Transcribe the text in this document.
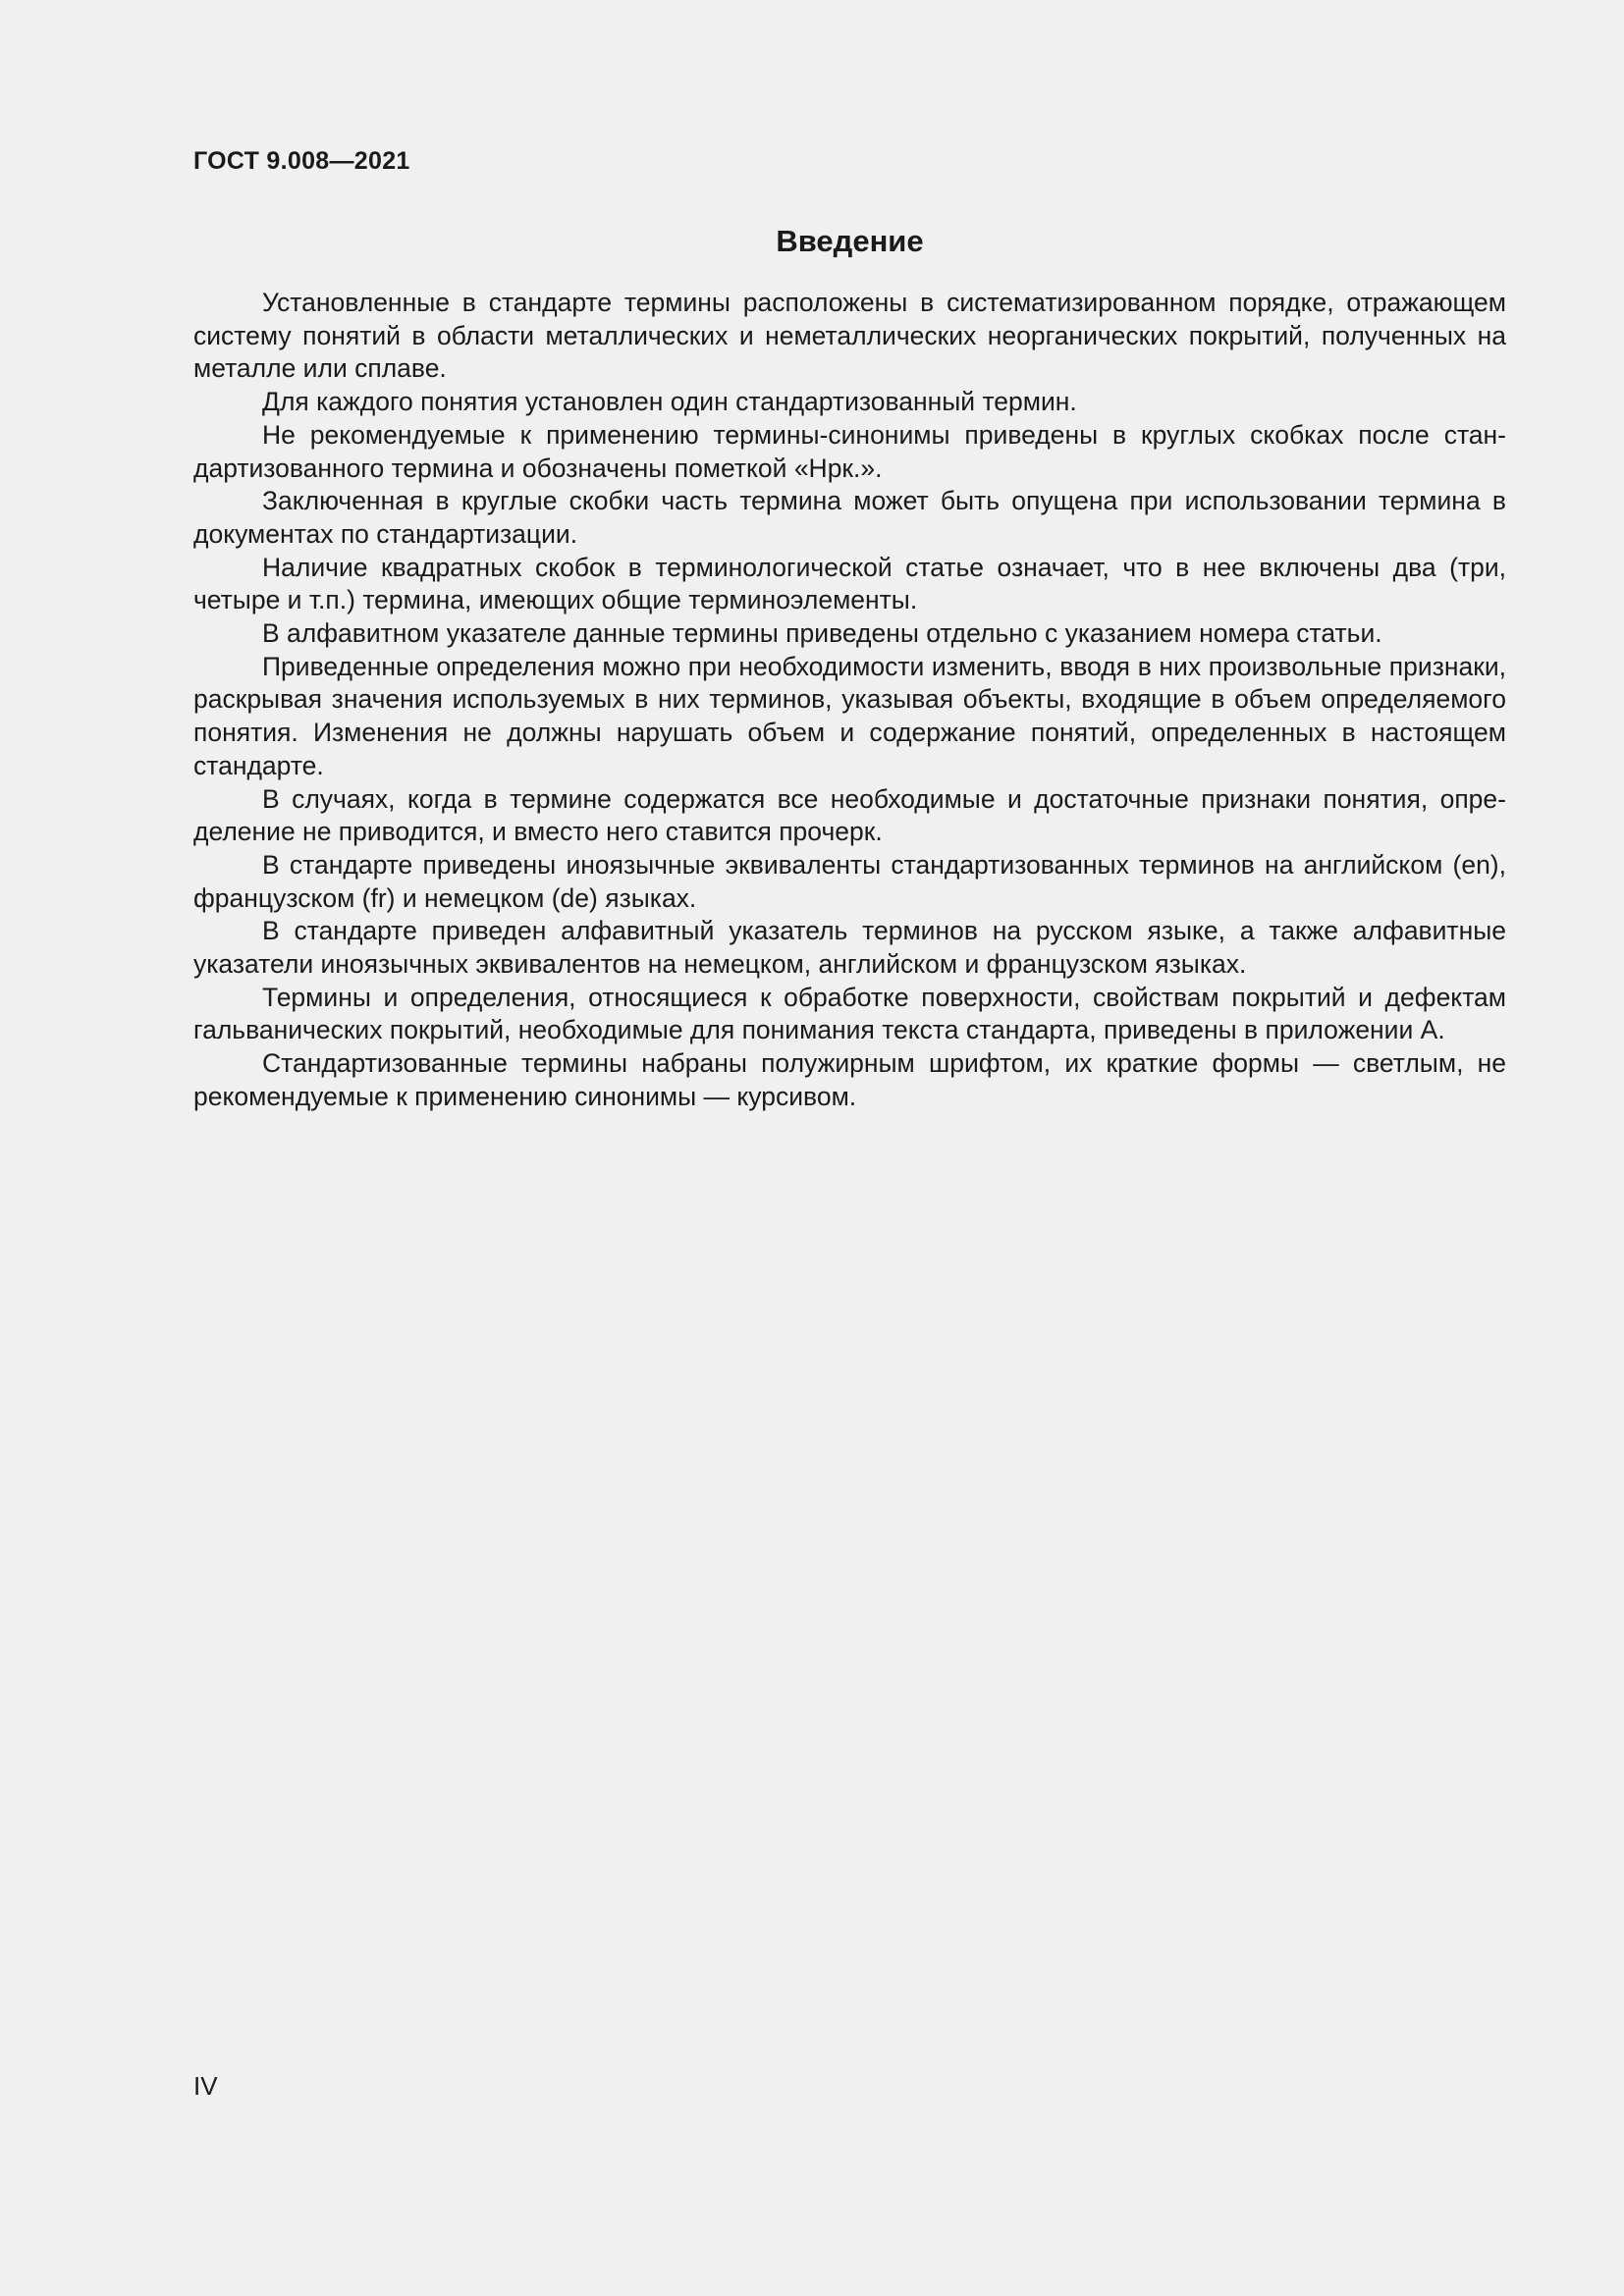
ГОСТ 9.008—2021
Введение

Установленные в стандарте термины расположены в систематизированном порядке, отражающем систему понятий в области металлических и неметаллических неорганических покрытий, полученных на металле или сплаве.

Для каждого понятия установлен один стандартизованный термин.

Не рекомендуемые к применению термины-синонимы приведены в круглых скобках после стандартизованного термина и обозначены пометкой «Нрк.».

Заключенная в круглые скобки часть термина может быть опущена при использовании термина в документах по стандартизации.

Наличие квадратных скобок в терминологической статье означает, что в нее включены два (три, четыре и т.п.) термина, имеющих общие терминоэлементы.

В алфавитном указателе данные термины приведены отдельно с указанием номера статьи.

Приведенные определения можно при необходимости изменить, вводя в них произвольные признаки, раскрывая значения используемых в них терминов, указывая объекты, входящие в объем определяемого понятия. Изменения не должны нарушать объем и содержание понятий, определенных в настоящем стандарте.

В случаях, когда в термине содержатся все необходимые и достаточные признаки понятия, определение не приводится, и вместо него ставится прочерк.

В стандарте приведены иноязычные эквиваленты стандартизованных терминов на английском (en), французском (fr) и немецком (de) языках.

В стандарте приведен алфавитный указатель терминов на русском языке, а также алфавитные указатели иноязычных эквивалентов на немецком, английском и французском языках.

Термины и определения, относящиеся к обработке поверхности, свойствам покрытий и дефектам гальванических покрытий, необходимые для понимания текста стандарта, приведены в приложении А.

Стандартизованные термины набраны полужирным шрифтом, их краткие формы — светлым, не рекомендуемые к применению синонимы — курсивом.

IV
